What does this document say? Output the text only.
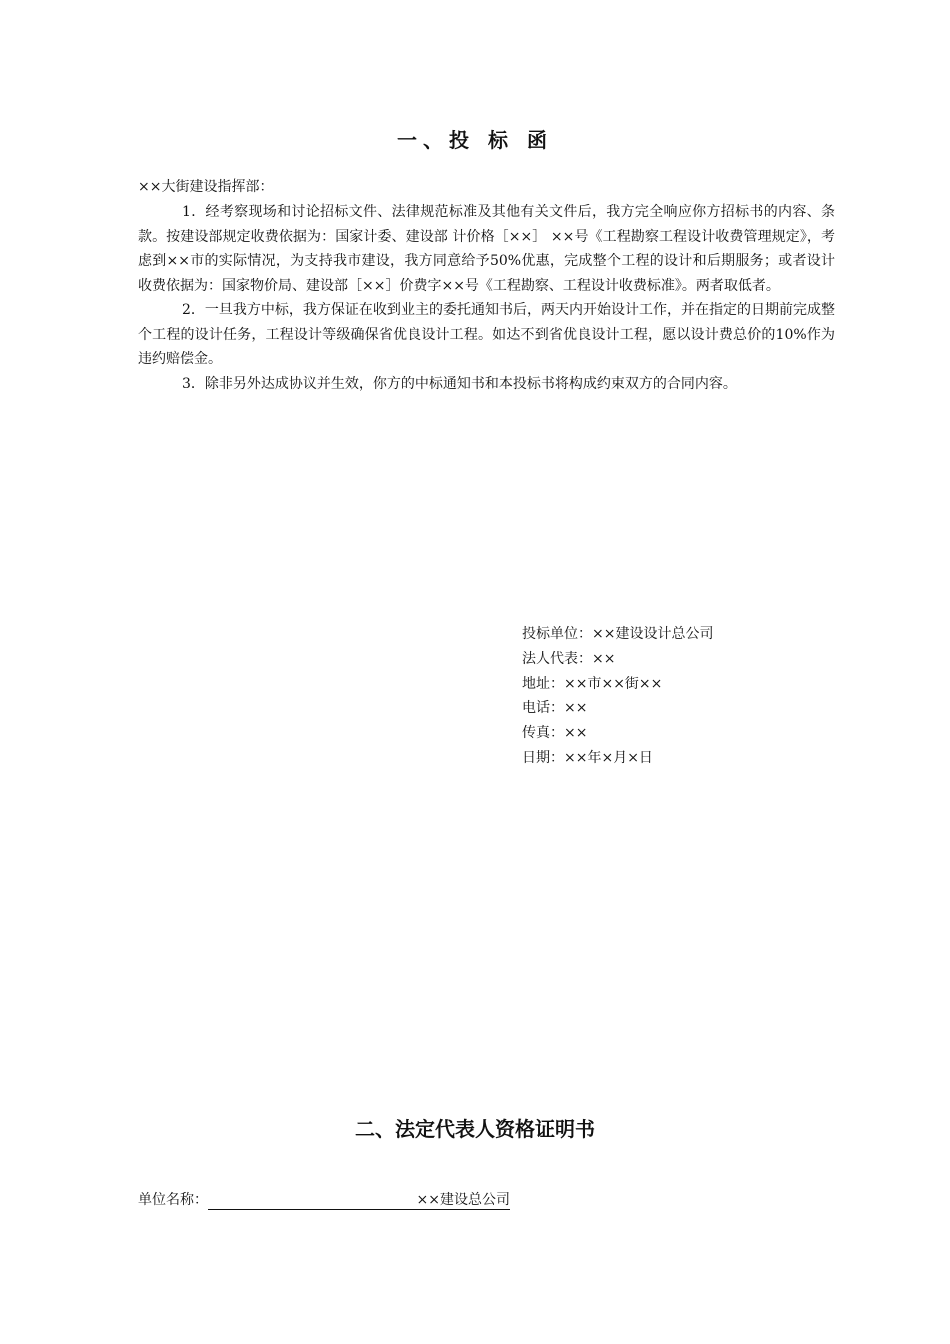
一、投 标 函
××大街建设指挥部：

1．经考察现场和讨论招标文件、法律规范标准及其他有关文件后，我方完全响应你方招标书的内容、条款。按建设部规定收费依据为：国家计委、建设部 计价格［××］ ××号《工程勘察工程设计收费管理规定》，考虑到××市的实际情况，为支持我市建设，我方同意给予50%优惠，完成整个工程的设计和后期服务；或者设计收费依据为：国家物价局、建设部［××］价费字××号《工程勘察、工程设计收费标准》。两者取低者。

2．一旦我方中标，我方保证在收到业主的委托通知书后，两天内开始设计工作，并在指定的日期前完成整个工程的设计任务，工程设计等级确保省优良设计工程。如达不到省优良设计工程，愿以设计费总价的10%作为违约赔偿金。

3．除非另外达成协议并生效，你方的中标通知书和本投标书将构成约束双方的合同内容。

投标单位：××建设设计总公司
法人代表：××
地址：××市××街××
电话：××
传真：××
日期：××年×月×日
二、法定代表人资格证明书
单位名称：	××建设总公司
